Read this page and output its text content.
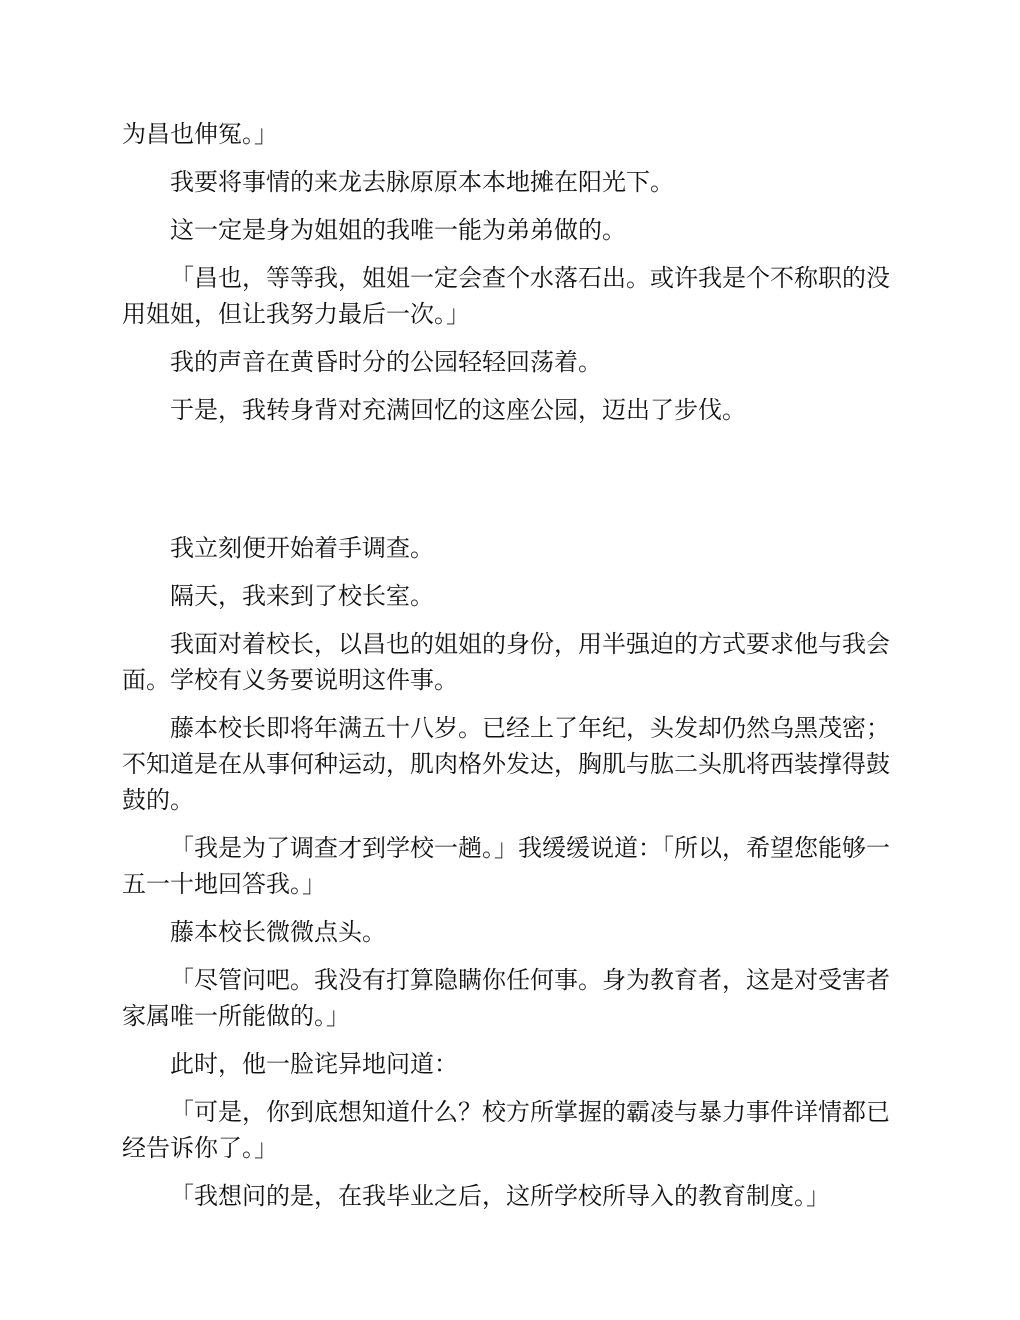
为昌也伸冤。」

我要将事情的来龙去脉原原本本地摊在阳光下。

这一定是身为姐姐的我唯一能为弟弟做的。

「昌也，等等我，姐姐一定会查个水落石出。或许我是个不称职的没用姐姐，但让我努力最后一次。」

我的声音在黄昏时分的公园轻轻回荡着。

于是，我转身背对充满回忆的这座公园，迈出了步伐。

我立刻便开始着手调查。

隔天，我来到了校长室。

我面对着校长，以昌也的姐姐的身份，用半强迫的方式要求他与我会面。学校有义务要说明这件事。

藤本校长即将年满五十八岁。已经上了年纪，头发却仍然乌黑茂密；不知道是在从事何种运动，肌肉格外发达，胸肌与肱二头肌将西装撑得鼓鼓的。

「我是为了调查才到学校一趟。」我缓缓说道：「所以，希望您能够一五一十地回答我。」

藤本校长微微点头。

「尽管问吧。我没有打算隐瞒你任何事。身为教育者，这是对受害者家属唯一所能做的。」

此时，他一脸诧异地问道：

「可是，你到底想知道什么？校方所掌握的霸凌与暴力事件详情都已经告诉你了。」

「我想问的是，在我毕业之后，这所学校所导入的教育制度。」
